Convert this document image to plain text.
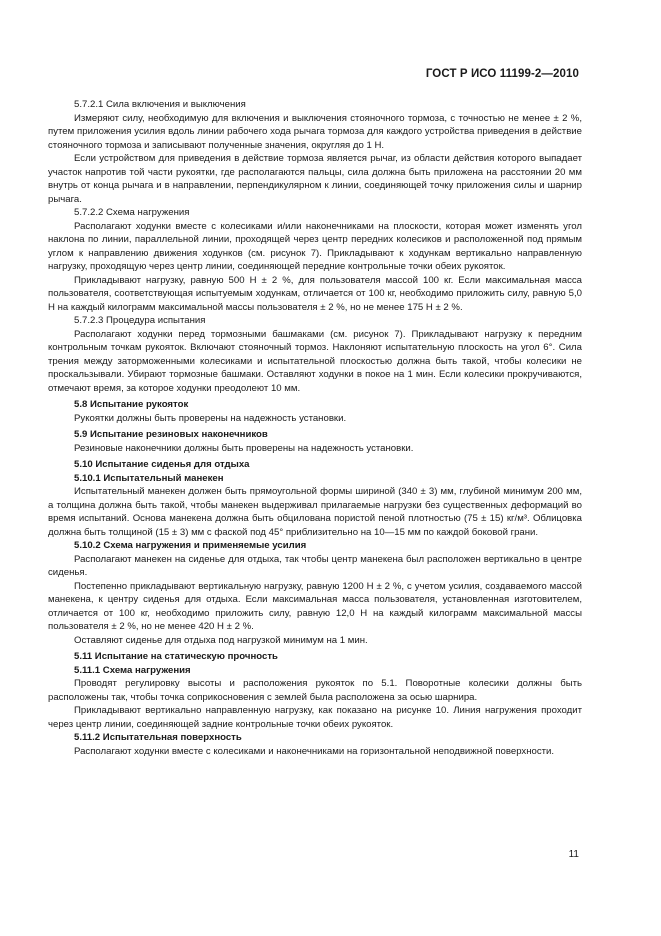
ГОСТ Р ИСО 11199-2—2010

5.7.2.1 Сила включения и выключения

Измеряют силу, необходимую для включения и выключения стояночного тормоза, с точностью не менее ± 2 %, путем приложения усилия вдоль линии рабочего хода рычага тормоза для каждого устройства приведения в действие стояночного тормоза и записывают полученные значения, округляя до 1 Н.

Если устройством для приведения в действие тормоза является рычаг, из области действия которого выпадает участок напротив той части рукоятки, где располагаются пальцы, сила должна быть приложена на расстоянии 20 мм внутрь от конца рычага и в направлении, перпендикулярном к линии, соединяющей точку приложения силы и шарнир рычага.

5.7.2.2 Схема нагружения

Располагают ходунки вместе с колесиками и/или наконечниками на плоскости, которая может изменять угол наклона по линии, параллельной линии, проходящей через центр передних колесиков и расположенной под прямым углом к направлению движения ходунков (см. рисунок 7). Прикладывают к ходункам вертикально направленную нагрузку, проходящую через центр линии, соединяющей передние контрольные точки обеих рукояток.

Прикладывают нагрузку, равную 500 Н ± 2 %, для пользователя массой 100 кг. Если максимальная масса пользователя, соответствующая испытуемым ходункам, отличается от 100 кг, необходимо приложить силу, равную 5,0 Н на каждый килограмм максимальной массы пользователя ± 2 %, но не менее 175 Н ± 2 %.

5.7.2.3 Процедура испытания

Располагают ходунки перед тормозными башмаками (см. рисунок 7). Прикладывают нагрузку к передним контрольным точкам рукояток. Включают стояночный тормоз. Наклоняют испытательную плоскость на угол 6°. Сила трения между заторможенными колесиками и испытательной плоскостью должна быть такой, чтобы колесики не проскальзывали. Убирают тормозные башмаки. Оставляют ходунки в покое на 1 мин. Если колесики прокручиваются, отмечают время, за которое ходунки преодолеют 10 мм.

5.8 Испытание рукояток

Рукоятки должны быть проверены на надежность установки.

5.9 Испытание резиновых наконечников

Резиновые наконечники должны быть проверены на надежность установки.

5.10 Испытание сиденья для отдыха

5.10.1 Испытательный манекен

Испытательный манекен должен быть прямоугольной формы шириной (340 ± 3) мм, глубиной минимум 200 мм, а толщина должна быть такой, чтобы манекен выдерживал прилагаемые нагрузки без существенных деформаций во время испытаний. Основа манекена должна быть обцилована пористой пеной плотностью (75 ± 15) кг/м³. Облицовка должна быть толщиной (15 ± 3) мм с фаской под 45° приблизительно на 10—15 мм по каждой боковой грани.

5.10.2 Схема нагружения и применяемые усилия

Располагают манекен на сиденье для отдыха, так чтобы центр манекена был расположен вертикально в центре сиденья.

Постепенно прикладывают вертикальную нагрузку, равную 1200 Н ± 2 %, с учетом усилия, создаваемого массой манекена, к центру сиденья для отдыха. Если максимальная масса пользователя, установленная изготовителем, отличается от 100 кг, необходимо приложить силу, равную 12,0 Н на каждый килограмм максимальной массы пользователя ± 2 %, но не менее 420 Н ± 2 %.

Оставляют сиденье для отдыха под нагрузкой минимум на 1 мин.

5.11 Испытание на статическую прочность

5.11.1 Схема нагружения

Проводят регулировку высоты и расположения рукояток по 5.1. Поворотные колесики должны быть расположены так, чтобы точка соприкосновения с землей была расположена за осью шарнира.

Прикладывают вертикально направленную нагрузку, как показано на рисунке 10. Линия нагружения проходит через центр линии, соединяющей задние контрольные точки обеих рукояток.

5.11.2 Испытательная поверхность

Располагают ходунки вместе с колесиками и наконечниками на горизонтальной неподвижной поверхности.

11
